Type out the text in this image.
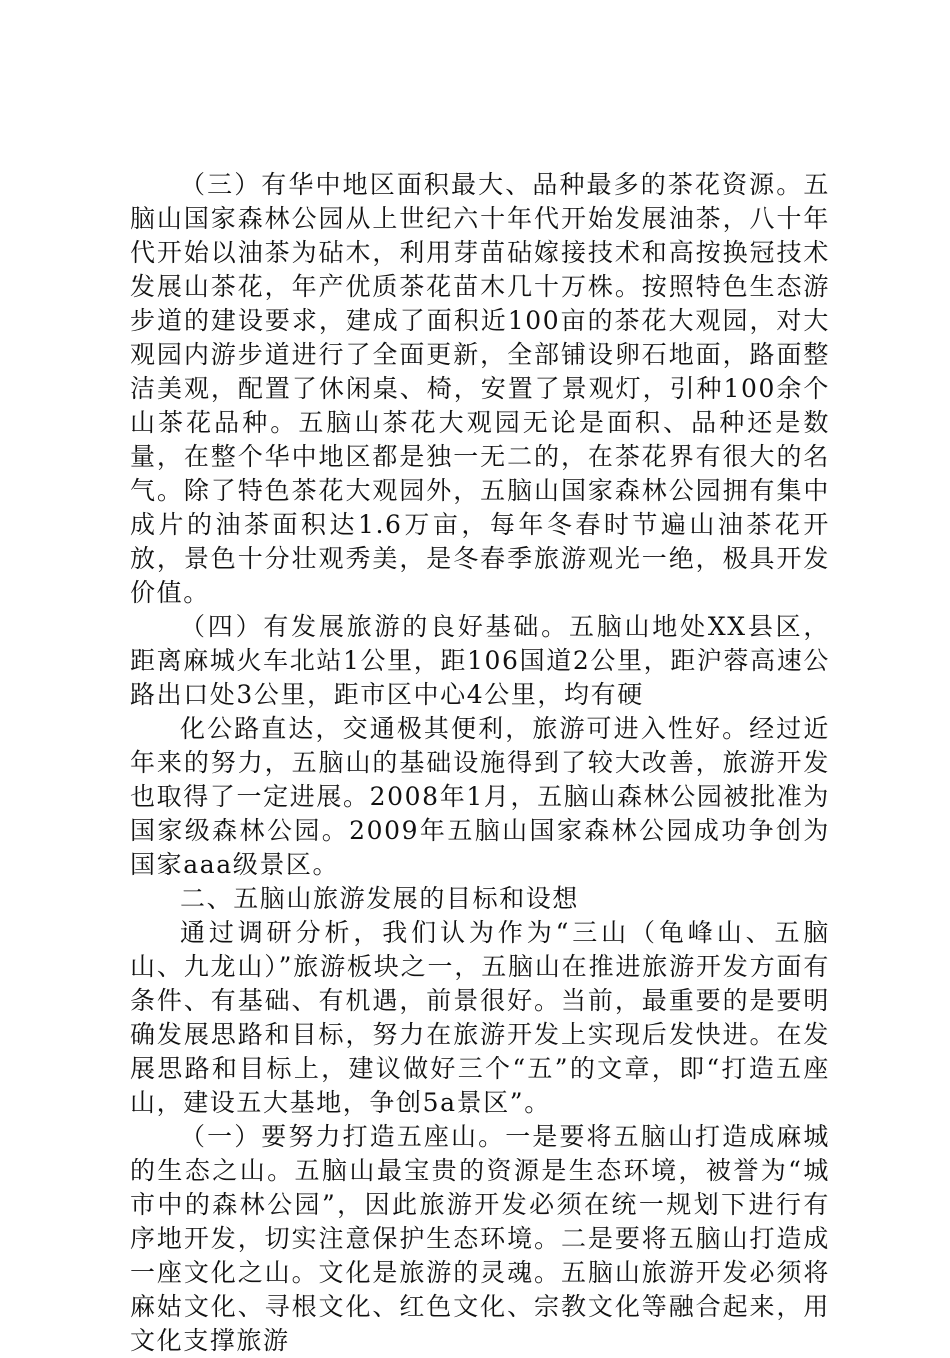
（三）有华中地区面积最大、品种最多的茶花资源。五脑山国家森林公园从上世纪六十年代开始发展油茶，八十年代开始以油茶为砧木，利用芽苗砧嫁接技术和高按换冠技术发展山茶花，年产优质茶花苗木几十万株。按照特色生态游步道的建设要求，建成了面积近100亩的茶花大观园，对大观园内游步道进行了全面更新，全部铺设卵石地面，路面整洁美观，配置了休闲桌、椅，安置了景观灯，引种100余个山茶花品种。五脑山茶花大观园无论是面积、品种还是数量，在整个华中地区都是独一无二的，在茶花界有很大的名气。除了特色茶花大观园外，五脑山国家森林公园拥有集中成片的油茶面积达1.6万亩，每年冬春时节遍山油茶花开放，景色十分壮观秀美，是冬春季旅游观光一绝，极具开发价值。

（四）有发展旅游的良好基础。五脑山地处XX县区，距离麻城火车北站1公里，距106国道2公里，距沪蓉高速公路出口处3公里，距市区中心4公里，均有硬

化公路直达，交通极其便利，旅游可进入性好。经过近年来的努力，五脑山的基础设施得到了较大改善，旅游开发也取得了一定进展。2008年1月，五脑山森林公园被批准为国家级森林公园。2009年五脑山国家森林公园成功争创为国家aaa级景区。

二、五脑山旅游发展的目标和设想

通过调研分析，我们认为作为“三山（龟峰山、五脑山、九龙山）”旅游板块之一，五脑山在推进旅游开发方面有条件、有基础、有机遇，前景很好。当前，最重要的是要明确发展思路和目标，努力在旅游开发上实现后发快进。在发展思路和目标上，建议做好三个“五”的文章，即“打造五座山，建设五大基地，争创5a景区”。

（一）要努力打造五座山。一是要将五脑山打造成麻城的生态之山。五脑山最宝贵的资源是生态环境，被誉为“城市中的森林公园”，因此旅游开发必须在统一规划下进行有序地开发，切实注意保护生态环境。二是要将五脑山打造成一座文化之山。文化是旅游的灵魂。五脑山旅游开发必须将麻姑文化、寻根文化、红色文化、宗教文化等融合起来，用文化支撑旅游
